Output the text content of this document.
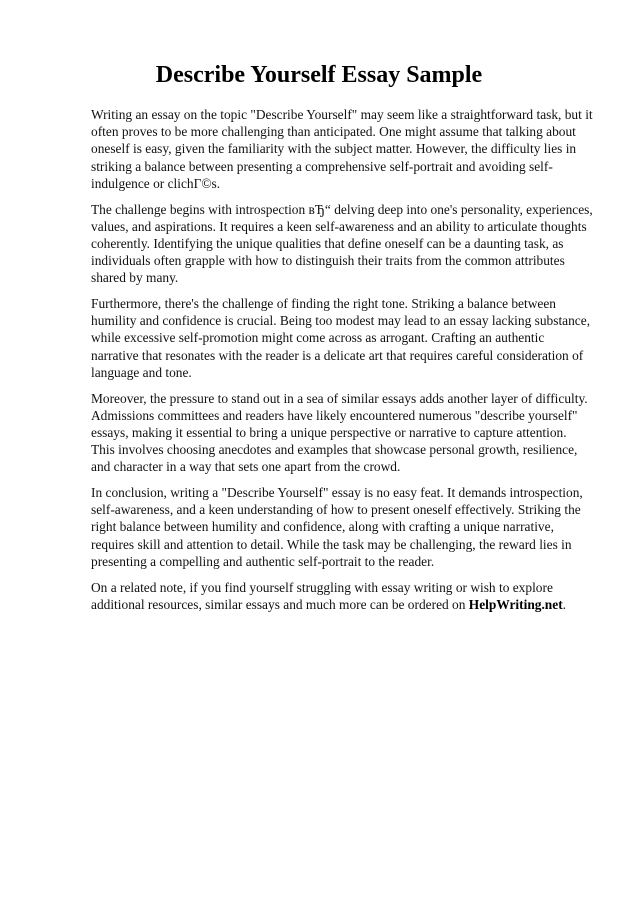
Describe Yourself Essay Sample

Writing an essay on the topic "Describe Yourself" may seem like a straightforward task, but it often proves to be more challenging than anticipated. One might assume that talking about oneself is easy, given the familiarity with the subject matter. However, the difficulty lies in striking a balance between presenting a comprehensive self-portrait and avoiding self-indulgence or clichГ©s.

The challenge begins with introspection вЂ“ delving deep into one's personality, experiences, values, and aspirations. It requires a keen self-awareness and an ability to articulate thoughts coherently. Identifying the unique qualities that define oneself can be a daunting task, as individuals often grapple with how to distinguish their traits from the common attributes shared by many.

Furthermore, there's the challenge of finding the right tone. Striking a balance between humility and confidence is crucial. Being too modest may lead to an essay lacking substance, while excessive self-promotion might come across as arrogant. Crafting an authentic narrative that resonates with the reader is a delicate art that requires careful consideration of language and tone.

Moreover, the pressure to stand out in a sea of similar essays adds another layer of difficulty. Admissions committees and readers have likely encountered numerous "describe yourself" essays, making it essential to bring a unique perspective or narrative to capture attention. This involves choosing anecdotes and examples that showcase personal growth, resilience, and character in a way that sets one apart from the crowd.

In conclusion, writing a "Describe Yourself" essay is no easy feat. It demands introspection, self-awareness, and a keen understanding of how to present oneself effectively. Striking the right balance between humility and confidence, along with crafting a unique narrative, requires skill and attention to detail. While the task may be challenging, the reward lies in presenting a compelling and authentic self-portrait to the reader.

On a related note, if you find yourself struggling with essay writing or wish to explore additional resources, similar essays and much more can be ordered on HelpWriting.net.
